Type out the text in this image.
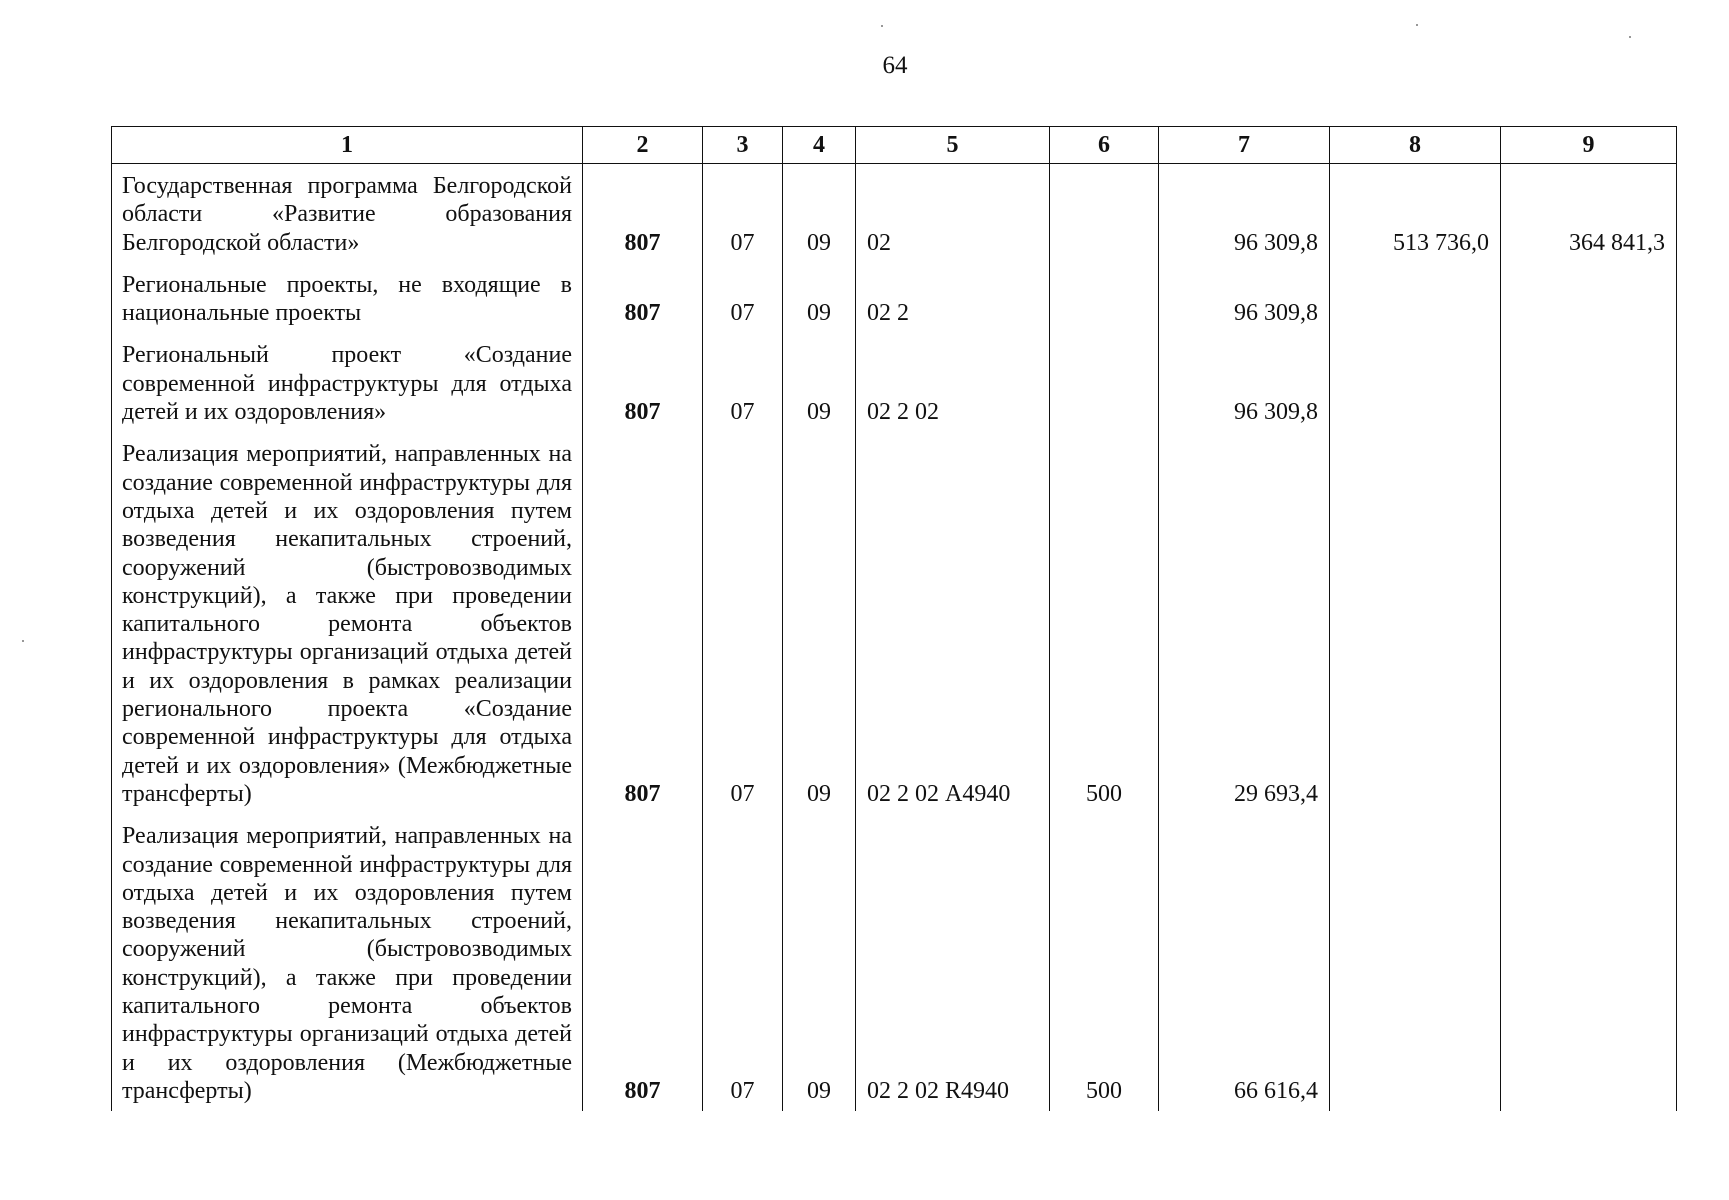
64
1	2	3	4	5	6	7	8	9
Государственная программа Белгородской области «Развитие образования Белгородской области»	807	07	09	02		96 309,8	513 736,0	364 841,3
Региональные проекты, не входящие в национальные проекты	807	07	09	02 2		96 309,8		
Региональный проект «Создание современной инфраструктуры для отдыха детей и их оздоровления»	807	07	09	02 2 02		96 309,8		
Реализация мероприятий, направленных на создание современной инфраструктуры для отдыха детей и их оздоровления путем возведения некапитальных строений, сооружений (быстровозводимых конструкций), а также при проведении капитального ремонта объектов инфраструктуры организаций отдыха детей и их оздоровления в рамках реализации регионального проекта «Создание современной инфраструктуры для отдыха детей и их оздоровления» (Межбюджетные трансферты)	807	07	09	02 2 02 А4940	500	29 693,4		
Реализация мероприятий, направленных на создание современной инфраструктуры для отдыха детей и их оздоровления путем возведения некапитальных строений, сооружений (быстровозводимых конструкций), а также при проведении капитального ремонта объектов инфраструктуры организаций отдыха детей и их оздоровления (Межбюджетные трансферты)	807	07	09	02 2 02 R4940	500	66 616,4		
